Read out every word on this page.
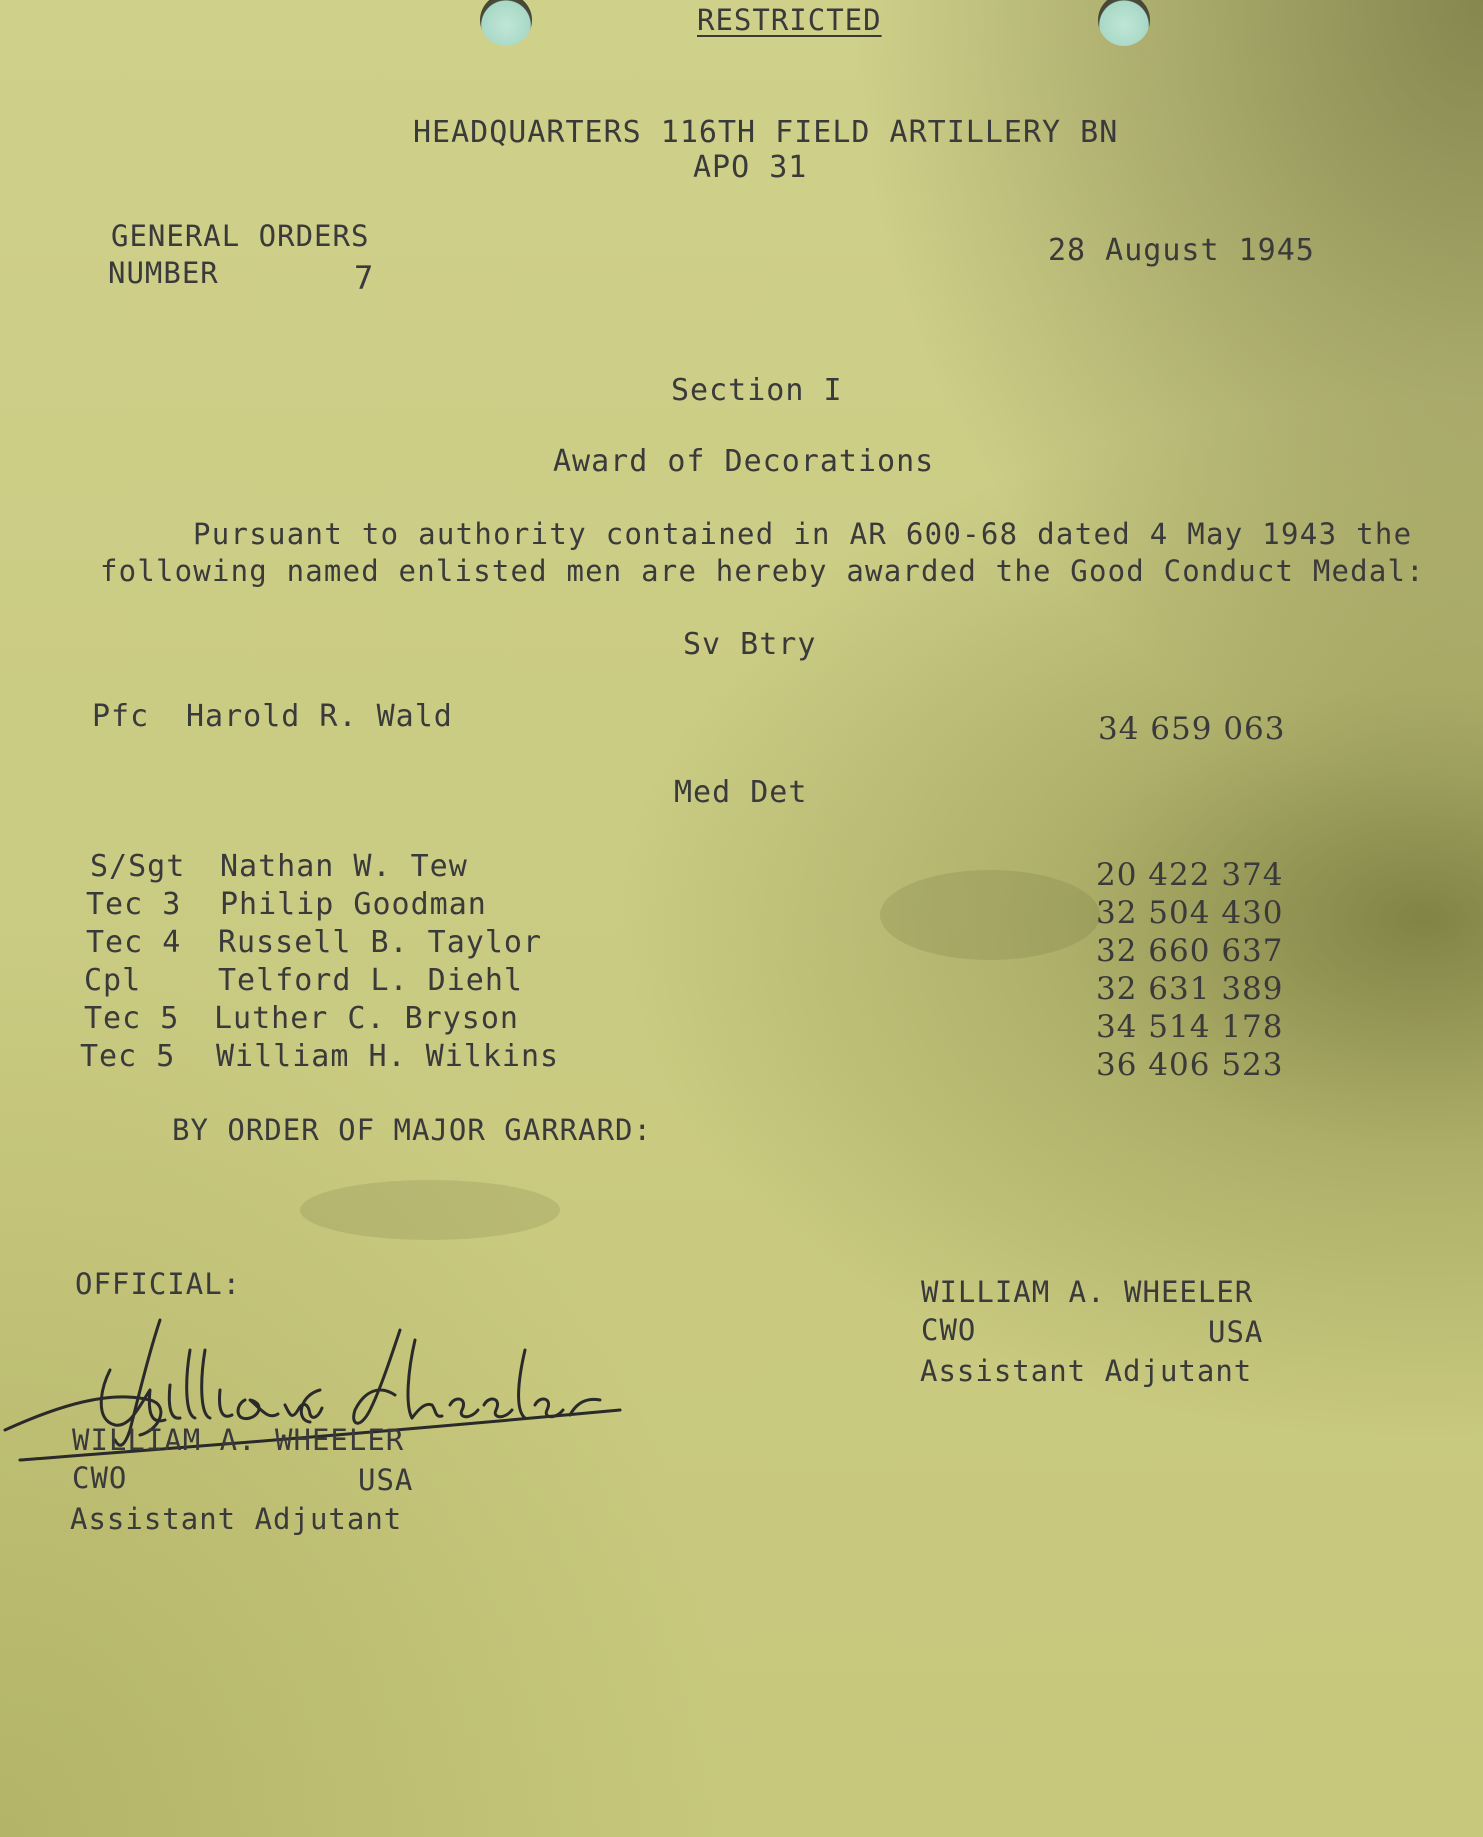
RESTRICTED
HEADQUARTERS 116TH FIELD ARTILLERY BN
APO 31
GENERAL ORDERS
NUMBER	7
28 August 1945
Section I
Award of Decorations
Pursuant to authority contained in AR 600-68 dated 4 May 1943 the
following named enlisted men are hereby awarded the Good Conduct Medal:
Sv Btry
Pfc Harold R. Wald	34 659 063
Med Det
S/Sgt Nathan W. Tew	20 422 374
Tec 3 Philip Goodman	32 504 430
Tec 4 Russell B. Taylor	32 660 637
Cpl	Telford L. Diehl	32 631 389
Tec 5 Luther C. Bryson	34 514 178
Tec 5 William H. Wilkins	36 406 523
BY ORDER OF MAJOR GARRARD:
OFFICIAL:	WILLIAM A. WHEELER
CWO	USA
Assistant Adjutant
WILLIAM A. WHEELER
CWO	USA
Assistant Adjutant
